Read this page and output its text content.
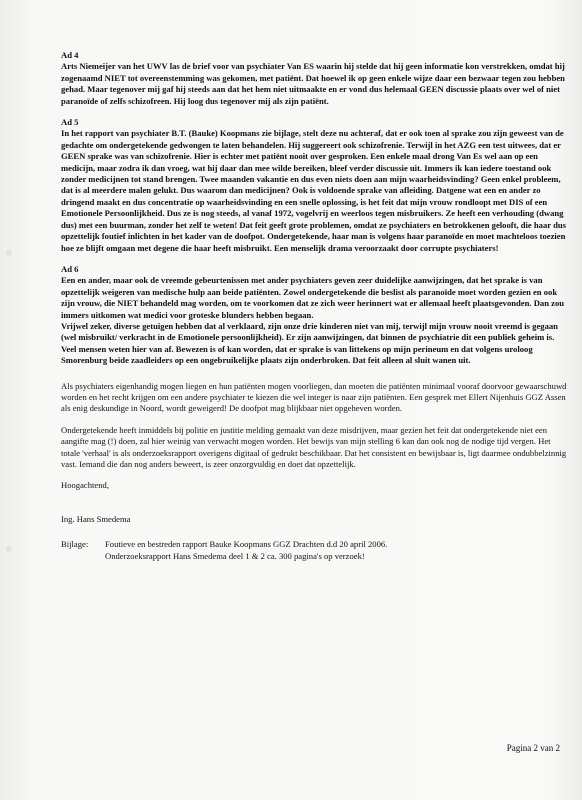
Ad 4

Arts Niemeijer van het UWV las de brief voor van psychiater Van ES waarin hij stelde dat hij geen informatie kon verstrekken, omdat hij zogenaamd NIET tot overeenstemming was gekomen, met patiënt. Dat hoewel ik op geen enkele wijze daar een bezwaar tegen zou hebben gehad. Maar tegenover mij gaf hij steeds aan dat het hem niet uitmaakte en er vond dus helemaal GEEN discussie plaats over wel of niet paranoïde of zelfs schizofreen. Hij loog dus tegenover mij als zijn patiënt.

Ad 5

In het rapport van psychiater B.T. (Bauke) Koopmans zie bijlage, stelt deze nu achteraf, dat er ook toen al sprake zou zijn geweest van de gedachte om ondergetekende gedwongen te laten behandelen. Hij suggereert ook schizofrenie. Terwijl in het AZG een test uitwees, dat er GEEN sprake was van schizofrenie. Hier is echter met patiënt nooit over gesproken. Een enkele maal drong Van Es wel aan op een medicijn, maar zodra ik dan vroeg, wat hij daar dan mee wilde bereiken, bleef verder discussie uit. Immers ik kan iedere toestand ook zonder medicijnen tot stand brengen. Twee maanden vakantie en dus even niets doen aan mijn waarheidsvinding? Geen enkel probleem, dat is al meerdere malen gelukt. Dus waarom dan medicijnen? Ook is voldoende sprake van afleiding. Datgene wat een en ander zo dringend maakt en dus concentratie op waarheidsvinding en een snelle oplossing, is het feit dat mijn vrouw rondloopt met DIS of een Emotionele Persoonlijkheid. Dus ze is nog steeds, al vanaf 1972, vogelvrij en weerloos tegen misbruikers. Ze heeft een verhouding (dwang dus) met een buurman, zonder het zelf te weten! Dat feit geeft grote problemen, omdat ze psychiaters en betrokkenen gelooft, die haar dus opzettelijk foutief inlichten in het kader van de doofpot. Ondergetekende, haar man is volgens haar paranoïde en moet machteloos toezien hoe ze blijft omgaan met degene die haar heeft misbruikt. Een menselijk drama veroorzaakt door corrupte psychiaters!

Ad 6

Een en ander, maar ook de vreemde gebeurtenissen met ander psychiaters geven zeer duidelijke aanwijzingen, dat het sprake is van opzettelijk weigeren van medische hulp aan beide patiënten. Zowel ondergetekende die beslist als paranoïde moet worden gezien en ook zijn vrouw, die NIET behandeld mag worden, om te voorkomen dat ze zich weer herinnert wat er allemaal heeft plaatsgevonden. Dan zou immers uitkomen wat medici voor groteske blunders hebben begaan.
Vrijwel zeker, diverse getuigen hebben dat al verklaard, zijn onze drie kinderen niet van mij, terwijl mijn vrouw nooit vreemd is gegaan (wel misbruikt/ verkracht in de Emotionele persoonlijkheid). Er zijn aanwijzingen, dat binnen de psychiatrie dit een publiek geheim is. Veel mensen weten hier van af. Bewezen is of kan worden, dat er sprake is van littekens op mijn perineum en dat volgens uroloog Smorenburg beide zaadleiders op een ongebruikelijke plaats zijn onderbroken. Dat feit alleen al sluit wanen uit.

Als psychiaters eigenhandig mogen liegen en hun patiënten mogen voorliegen, dan moeten die patiënten minimaal vooraf doorvoor gewaarschuwd worden en het recht krijgen om een andere psychiater te kiezen die wel integer is naar zijn patiënten. Een gesprek met Ellert Nijenhuis GGZ Assen als enig deskundige in Noord, wordt geweigerd! De doofpot mag blijkbaar niet opgeheven worden.

Ondergetekende heeft inmiddels bij politie en justitie melding gemaakt van deze misdrijven, maar gezien het feit dat ondergetekende niet een aangifte mag (!) doen, zal hier weinig van verwacht mogen worden. Het bewijs van mijn stelling 6 kan dan ook nog de nodige tijd vergen. Het totale 'verhaal' is als onderzoeksrapport overigens digitaal of gedrukt beschikbaar. Dat het consistent en bewijsbaar is, ligt daarmee ondubbelzinnig vast. Iemand die dan nog anders bewеert, is zeer onzorgvuldig en doet dat opzettelijk.

Hoogachtend,

Ing. Hans Smedema

Bijlage:	Foutieve en bestreden rapport Bauke Koopmans GGZ Drachten d.d 20 april 2006.
Onderzoeksrapport Hans Smedema deel 1 & 2 ca. 300 pagina's op verzoek!
Pagina 2 van 2
